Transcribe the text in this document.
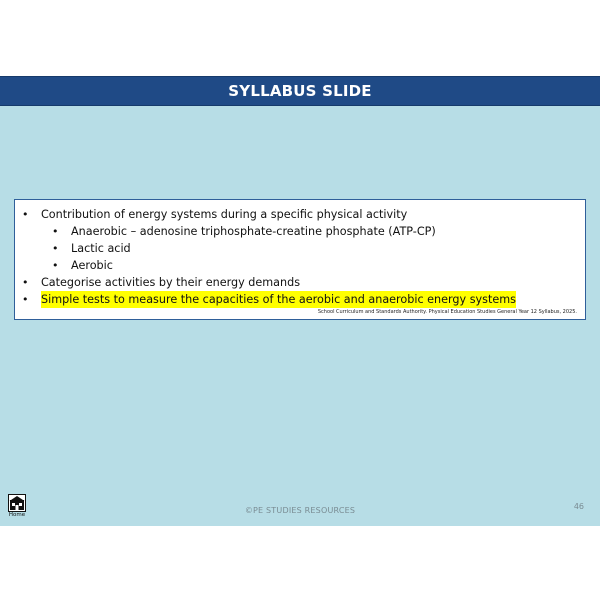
SYLLABUS SLIDE
• Contribution of energy systems during a specific physical activity
• Anaerobic – adenosine triphosphate-creatine phosphate (ATP-CP)
• Lactic acid
• Aerobic
• Categorise activities by their energy demands
• Simple tests to measure the capacities of the aerobic and anaerobic energy systems
School Curriculum and Standards Authority. Physical Education Studies General Year 12 Syllabus, 2025.
Home	©PE STUDIES RESOURCES	46
